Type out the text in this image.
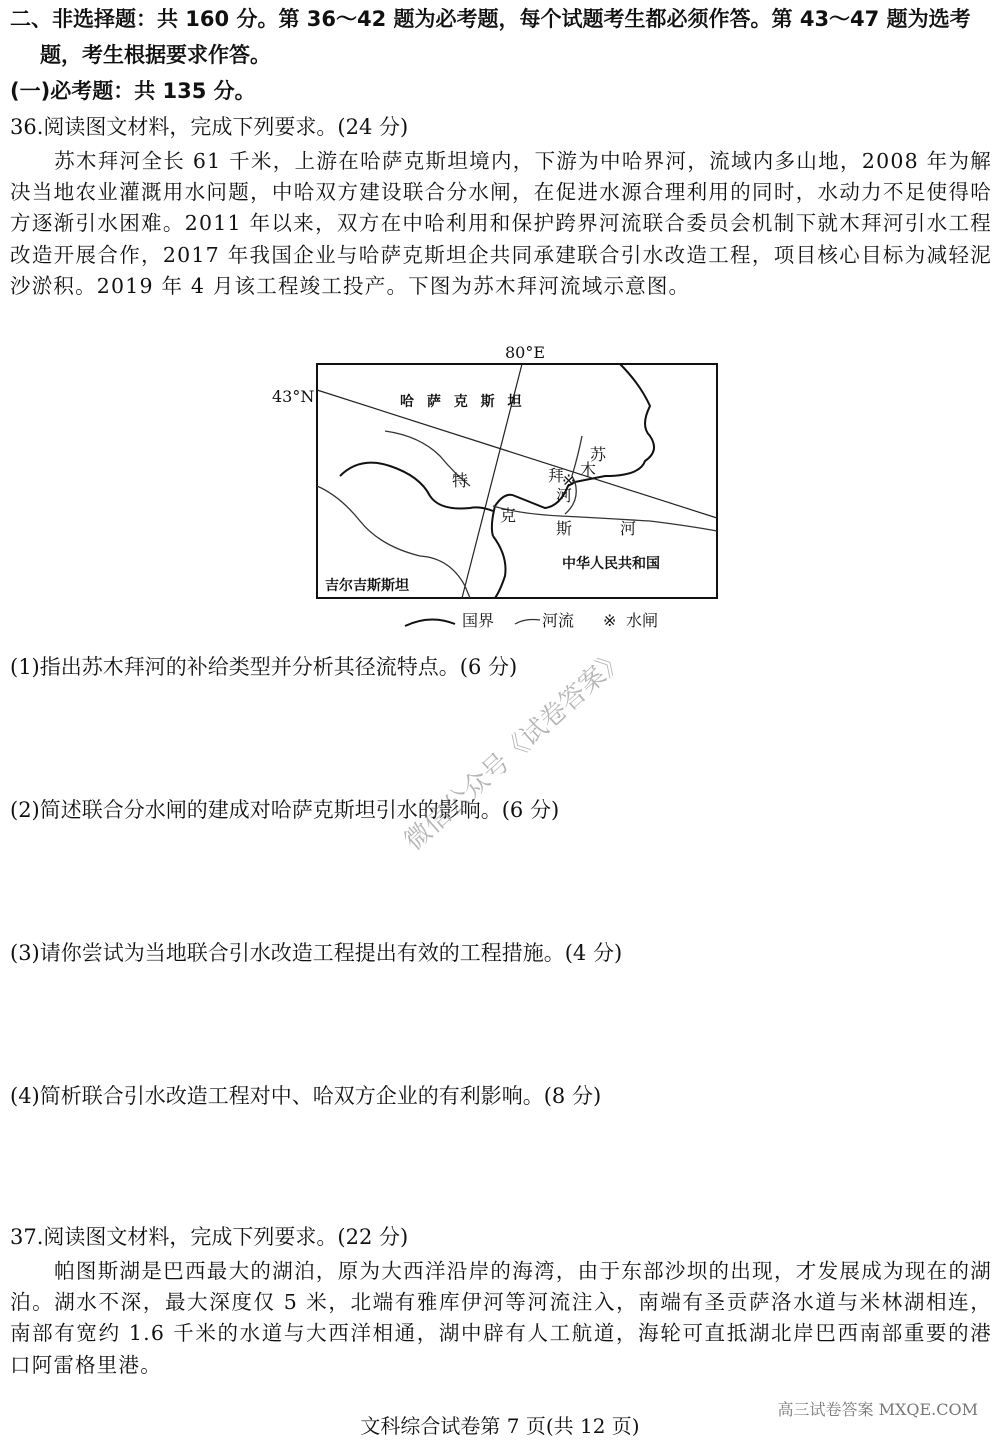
二、非选择题：共 160 分。第 36～42 题为必考题，每个试题考生都必须作答。第 43～47 题为选考
题，考生根据要求作答。
(一)必考题：共 135 分。
36.阅读图文材料，完成下列要求。(24 分)
苏木拜河全长 61 千米，上游在哈萨克斯坦境内，下游为中哈界河，流域内多山地，2008 年为解决当地农业灌溉用水问题，中哈双方建设联合分水闸，在促进水源合理利用的同时，水动力不足使得哈方逐渐引水困难。2011 年以来，双方在中哈利用和保护跨界河流联合委员会机制下就木拜河引水工程改造开展合作，2017 年我国企业与哈萨克斯坦企共同承建联合引水改造工程，项目核心目标为减轻泥沙淤积。2019 年 4 月该工程竣工投产。下图为苏木拜河流域示意图。
80°E
43°N
※
哈 萨 克 斯 坦
吉尔吉斯斯坦
中华人民共和国
苏
木
拜
河
特
克
斯	河
国界	河流 ※ 水闸
(1)指出苏木拜河的补给类型并分析其径流特点。(6 分)
(2)简述联合分水闸的建成对哈萨克斯坦引水的影响。(6 分)
(3)请你尝试为当地联合引水改造工程提出有效的工程措施。(4 分)
(4)简析联合引水改造工程对中、哈双方企业的有利影响。(8 分)
37.阅读图文材料，完成下列要求。(22 分)
帕图斯湖是巴西最大的湖泊，原为大西洋沿岸的海湾，由于东部沙坝的出现，才发展成为现在的湖泊。湖水不深，最大深度仅 5 米，北端有雅库伊河等河流注入，南端有圣贡萨洛水道与米林湖相连，南部有宽约 1.6 千米的水道与大西洋相通，湖中辟有人工航道，海轮可直抵湖北岸巴西南部重要的港口阿雷格里港。
微信公众号《试卷答案》
高三试卷答案 MXQE.COM
文科综合试卷第 7 页(共 12 页)
